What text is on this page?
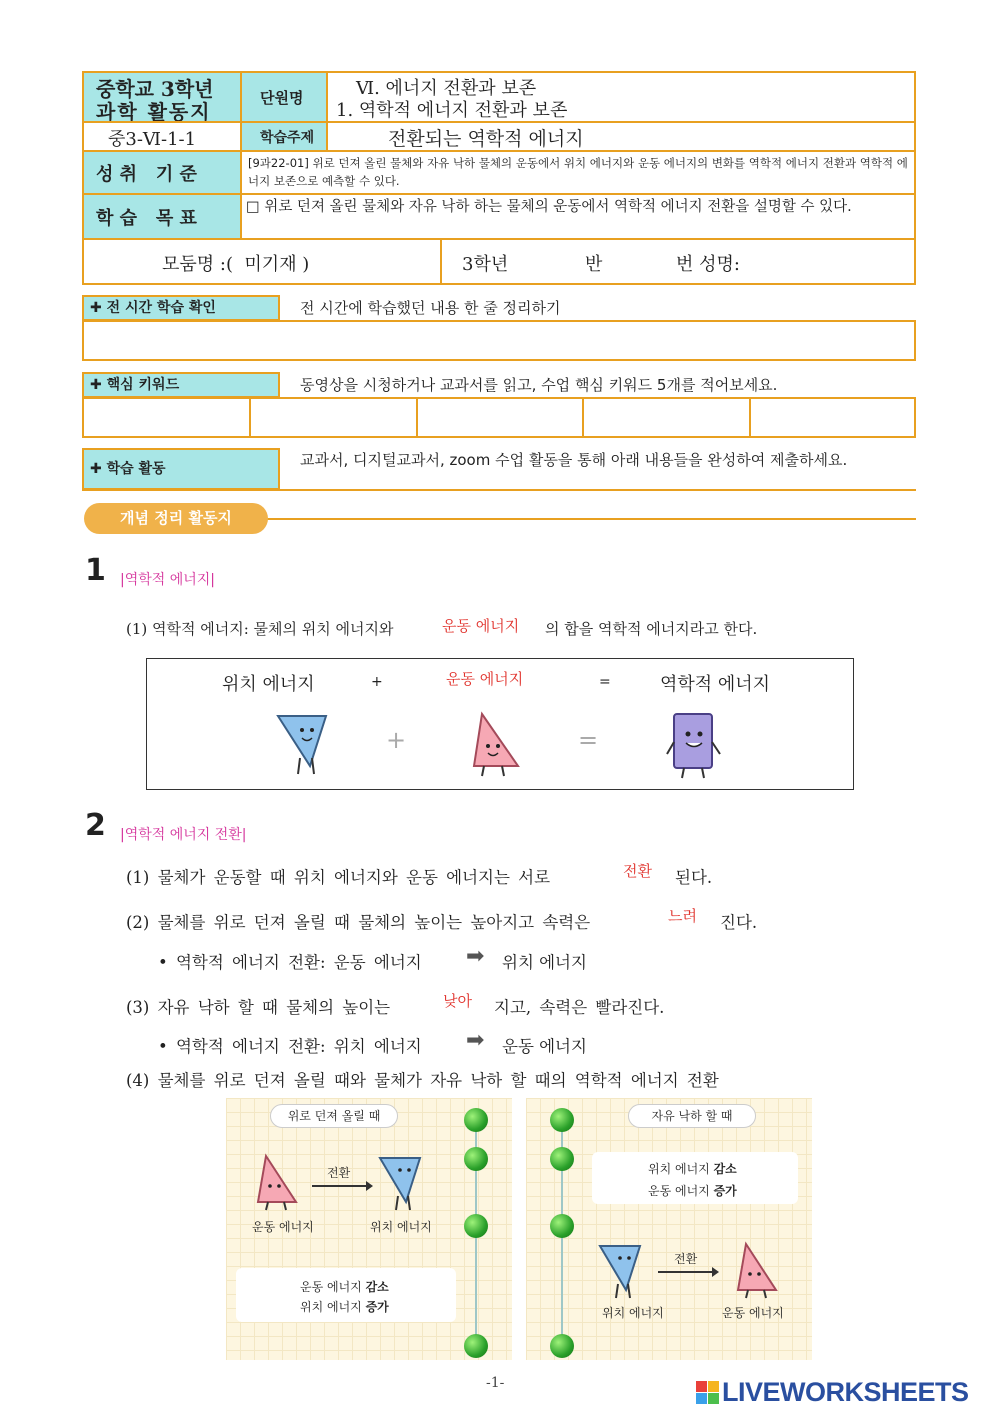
중학교 3학년
과학 활동지
단원명	Ⅵ. 에너지 전환과 보존
1. 역학적 에너지 전환과 보존
중3-Ⅵ-1-1	학습주제	전환되는 역학적 에너지
성 취   기 준
[9과22-01] 위로 던져 올린 물체와 자유 낙하 물체의 운동에서 위치 에너지와 운동 에너지의 변화를 역학적 에너지 전환과 역학적 에너지 보존으로 예측할 수 있다.
학 습   목 표
□ 위로 던져 올린 물체와 자유 낙하 하는 물체의 운동에서 역학적 에너지 전환을 설명할 수 있다.
모둠명 :(  미기재 )	3학년	반	번 성명:
✚ 전 시간 학습 확인	전 시간에 학습했던 내용 한 줄 정리하기
✚ 핵심 키워드	동영상을 시청하거나 교과서를 읽고, 수업 핵심 키워드 5개를 적어보세요.
✚ 학습 활동	교과서, 디지털교과서, zoom 수업 활동을 통해 아래 내용들을 완성하여 제출하세요.
개념 정리 활동지
1 |역학적 에너지|
(1) 역학적 에너지: 물체의 위치 에너지와	운동 에너지 의 합을 역학적 에너지라고 한다.
위치 에너지	+	운동 에너지	=	역학적 에너지
+	=
2 |역학적 에너지 전환|
(1) 물체가 운동할 때 위치 에너지와 운동 에너지는 서로	전환 된다.
(2) 물체를 위로 던져 올릴 때 물체의 높이는 높아지고 속력은	느려 진다.
• 역학적 에너지 전환: 운동 에너지 ➡ 위치 에너지
(3) 자유 낙하 할 때 물체의 높이는	낮아 지고, 속력은 빨라진다.
• 역학적 에너지 전환: 위치 에너지 ➡ 운동 에너지
(4) 물체를 위로 던져 올릴 때와 물체가 자유 낙하 할 때의 역학적 에너지 전환
위로 던져 올릴 때
전환
운동 에너지	위치 에너지
운동 에너지 감소
위치 에너지 증가
자유 낙하 할 때
위치 에너지 감소
운동 에너지 증가
전환
위치 에너지	운동 에너지
-1-	LIVEWORKSHEETS
